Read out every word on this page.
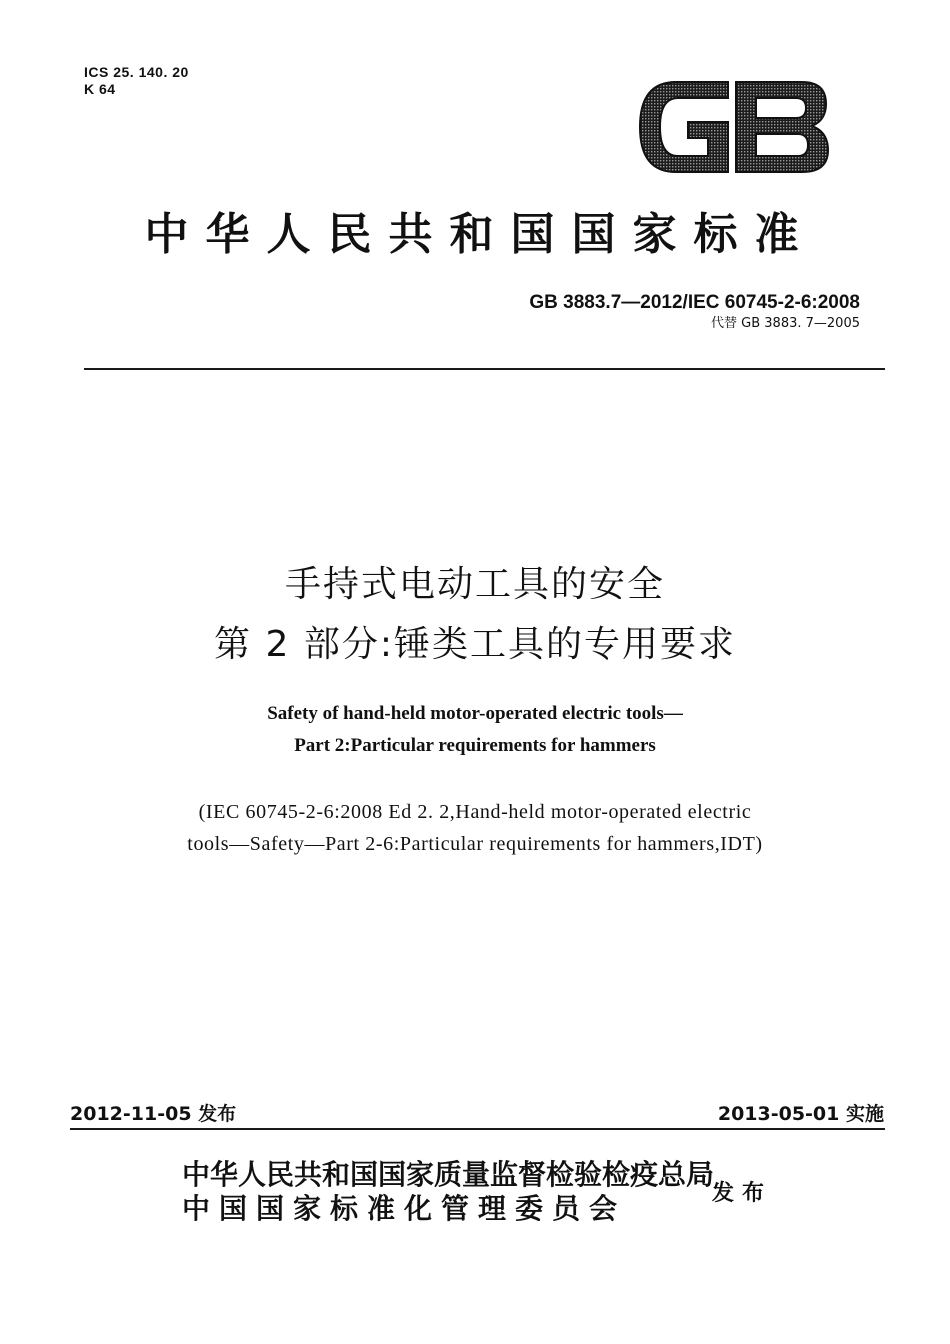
ICS 25. 140. 20
K 64
GB
中华人民共和国国家标准
GB 3883.7—2012/IEC 60745-2-6:2008
代替 GB 3883. 7—2005
手持式电动工具的安全
第 2 部分:锤类工具的专用要求
Safety of hand-held motor-operated electric tools—
Part 2:Particular requirements for hammers
(IEC 60745-2-6:2008 Ed 2. 2,Hand-held motor-operated electric
tools—Safety—Part 2-6:Particular requirements for hammers,IDT)
2012-11-05 发布	2013-05-01 实施
中华人民共和国国家质量监督检验检疫总局
中国国家标准化管理委员会	发布
